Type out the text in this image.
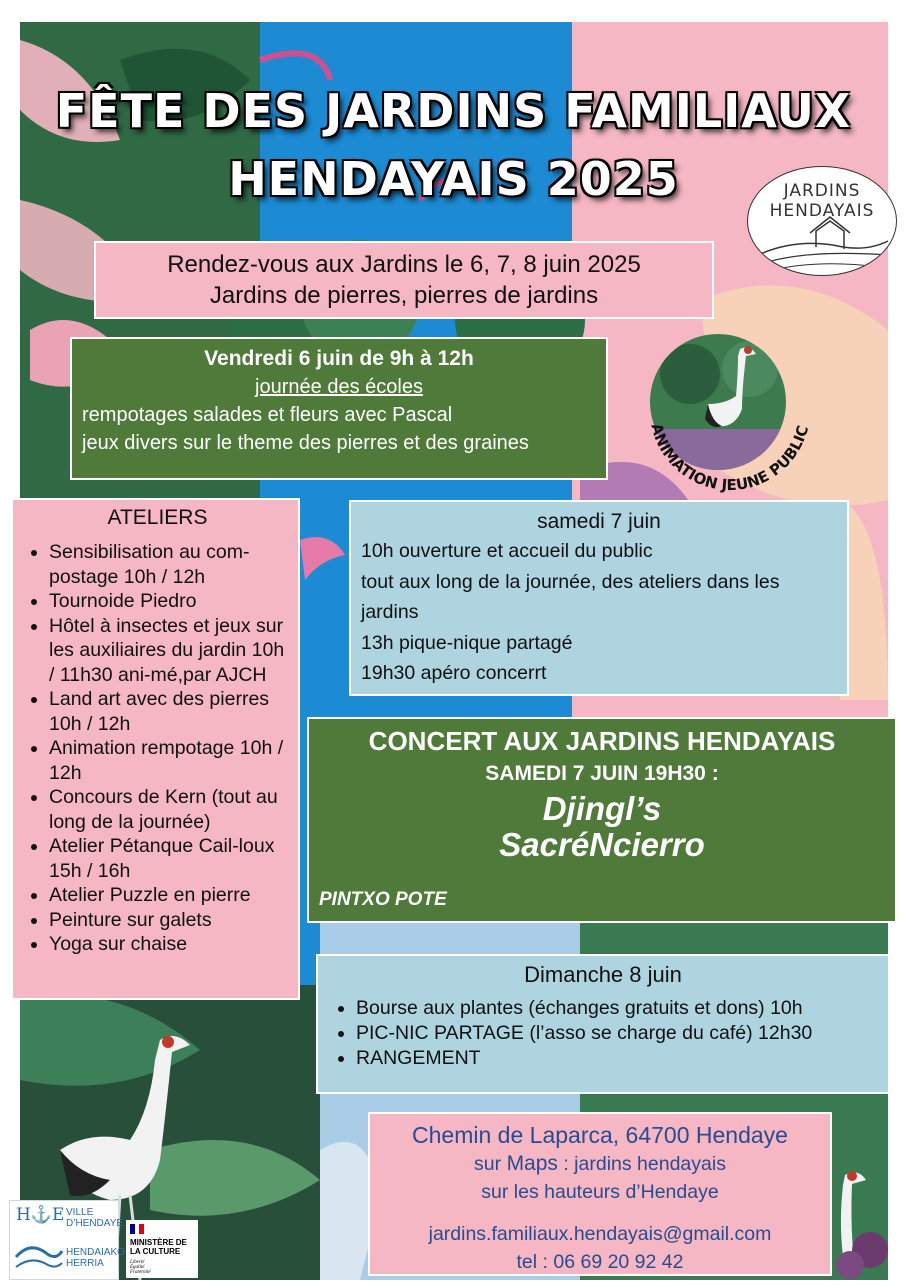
FÊTE DES JARDINS FAMILIAUX
HENDAYAIS 2025	JARDINS
HENDAYAIS
ANIMATION JEUNE PUBLIC
Rendez-vous aux Jardins le 6, 7, 8 juin 2025
Jardins de pierres, pierres de jardins
Vendredi 6 juin de 9h à 12h
journée des écoles
rempotages salades et fleurs avec Pascal
jeux divers sur le theme des pierres et des graines
ATELIERS
• Sensibilisation au com-postage 10h / 12h
• Tournoide Piedro
• Hôtel à insectes et jeux sur les auxiliaires du jardin 10h / 11h30 ani-mé,par AJCH
• Land art avec des pierres 10h / 12h
• Animation rempotage 10h / 12h
• Concours de Kern (tout au long de la journée)
• Atelier Pétanque Cail-loux 15h / 16h
• Atelier Puzzle en pierre
• Peinture sur galets
• Yoga sur chaise
samedi 7 juin
10h ouverture et accueil du public
tout aux long de la journée, des ateliers dans les jardins
13h pique-nique partagé
19h30 apéro concerrt
CONCERT AUX JARDINS HENDAYAIS
SAMEDI 7 JUIN 19H30 :
Djingl’s
SacréNcierro
PINTXO POTE
Dimanche 8 juin
• Bourse aux plantes (échanges gratuits et dons) 10h
• PIC-NIC PARTAGE (l’asso se charge du café) 12h30
• RANGEMENT
Chemin de Laparca, 64700 Hendaye
sur Maps : jardins hendayais
sur les hauteurs d’Hendaye
jardins.familiaux.hendayais@gmail.com
tel : 06 69 20 92 42
H⚓E VILLE D’HENDAYE
HENDAIAKO HERRIA
MINISTÈRE DE LA CULTURE
Liberté Égalité Fraternité
